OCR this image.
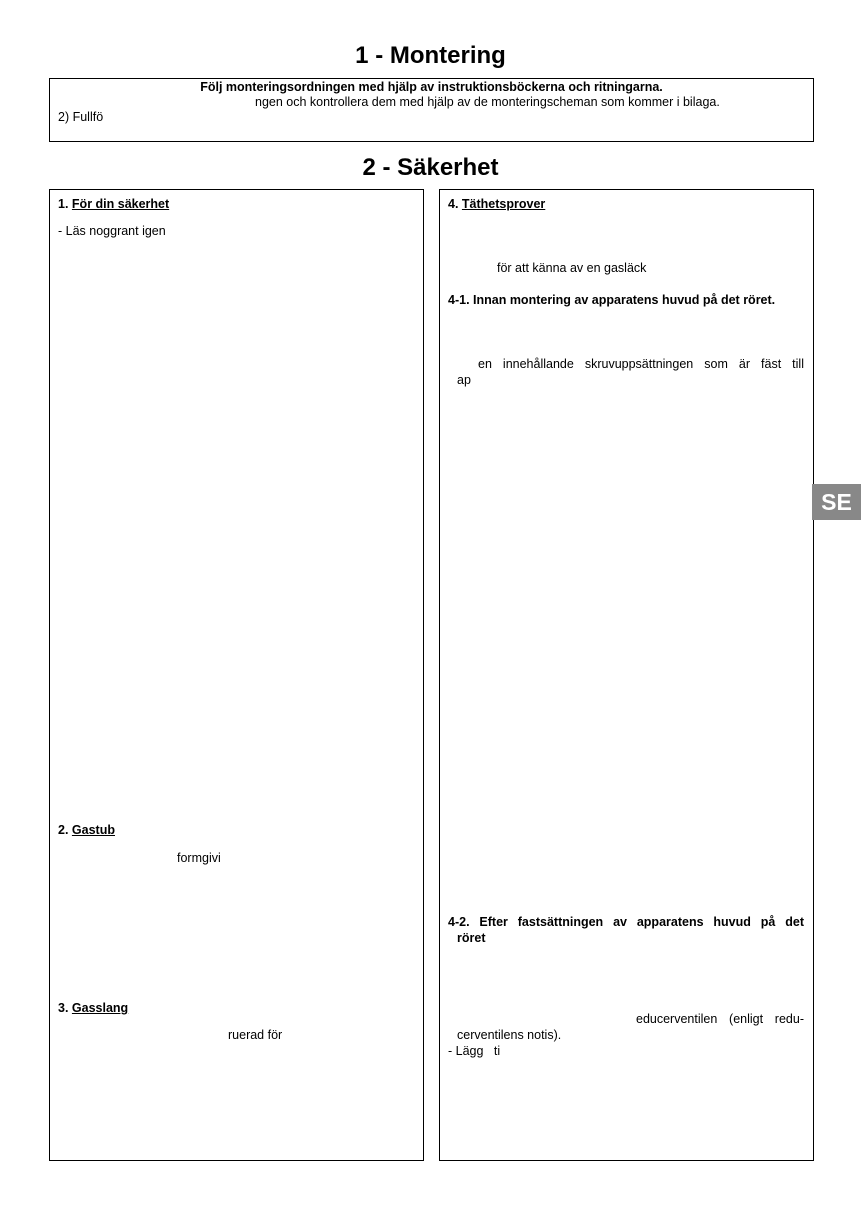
1 - Montering
Följ monteringsordningen med hjälp av instruktionsböckerna och ritningarna.
ngen och kontrollera dem med hjälp av de monteringscheman som kommer i bilaga.
2) Fullfö
2 - Säkerhet
1. För din säkerhet
- Läs noggrant igen
2. Gastub
formgivi
3. Gasslang
ruerad för
4. Täthetsprover
för att känna av en gasläck
4-1. Innan montering av apparatens huvud på det röret.
en innehållande skruvuppsättningen som är fäst till
ap
4-2. Efter fastsättningen av apparatens huvud på det
röret
educerventilen (enligt redu-
cerventilens notis).
- Lägg   ti
SE
